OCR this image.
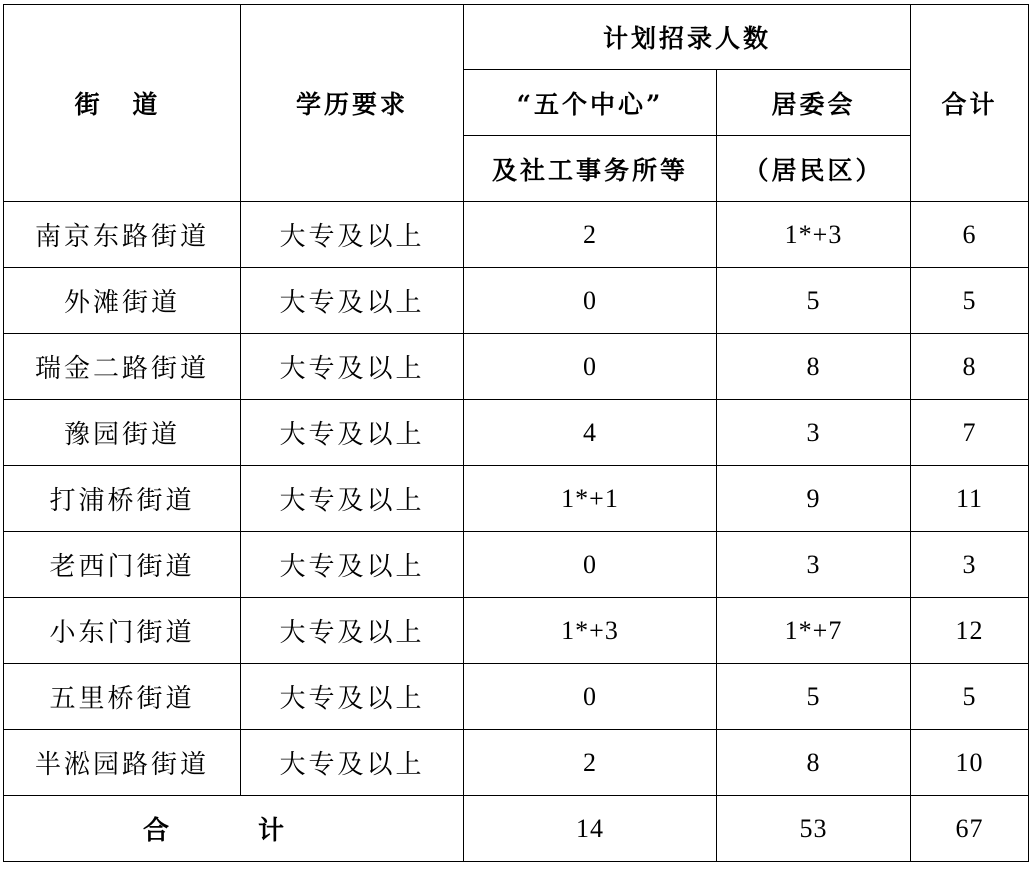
街 道	学历要求	计划招录人数		合计
		“五个中心”	居委会	
		及社工事务所等	（居民区）	
南京东路街道	大专及以上	2	1*+3	6
外滩街道	大专及以上	0	5	5
瑞金二路街道	大专及以上	0	8	8
豫园街道	大专及以上	4	3	7
打浦桥街道	大专及以上	1*+1	9	11
老西门街道	大专及以上	0	3	3
小东门街道	大专及以上	1*+3	1*+7	12
五里桥街道	大专及以上	0	5	5
半淞园路街道	大专及以上	2	8	10
合 计		14	53	67
